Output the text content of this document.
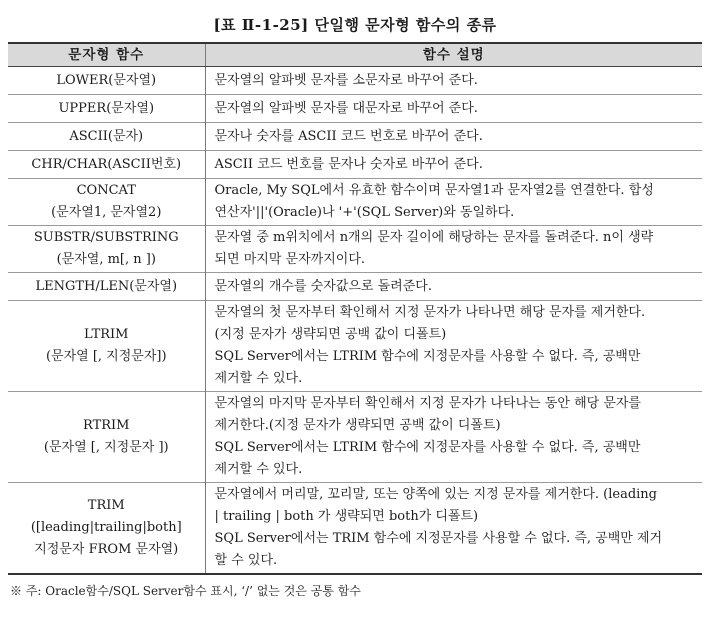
[표 Ⅱ-1-25] 단일행 문자형 함수의 종류
문자형 함수	함수 설명

LOWER(문자열)	문자열의 알파벳 문자를 소문자로 바꾸어 준다.

UPPER(문자열)	문자열의 알파벳 문자를 대문자로 바꾸어 준다.

ASCII(문자)	문자나 숫자를 ASCII 코드 번호로 바꾸어 준다.

CHR/CHAR(ASCII번호)	ASCII 코드 번호를 문자나 숫자로 바꾸어 준다.

CONCAT
(문자열1, 문자열2)	Oracle, My SQL에서 유효한 함수이며 문자열1과 문자열2를 연결한다. 합성
연산자'||'(Oracle)나 '+'(SQL Server)와 동일하다.

SUBSTR/SUBSTRING
(문자열, m[, n ])	문자열 중 m위치에서 n개의 문자 길이에 해당하는 문자를 돌려준다. n이 생략
되면 마지막 문자까지이다.

LENGTH/LEN(문자열)	문자열의 개수를 숫자값으로 돌려준다.

LTRIM
(문자열 [, 지정문자])	문자열의 첫 문자부터 확인해서 지정 문자가 나타나면 해당 문자를 제거한다.
(지정 문자가 생략되면 공백 값이 디폴트)
SQL Server에서는 LTRIM 함수에 지정문자를 사용할 수 없다. 즉, 공백만
제거할 수 있다.

RTRIM
(문자열 [, 지정문자 ])	문자열의 마지막 문자부터 확인해서 지정 문자가 나타나는 동안 해당 문자를
제거한다.(지정 문자가 생략되면 공백 값이 디폴트)
SQL Server에서는 LTRIM 함수에 지정문자를 사용할 수 없다. 즉, 공백만
제거할 수 있다.

TRIM
([leading|trailing|both]
지정문자 FROM 문자열)	문자열에서 머리말, 꼬리말, 또는 양쪽에 있는 지정 문자를 제거한다. (leading
| trailing | both 가 생략되면 both가 디폴트)
SQL Server에서는 TRIM 함수에 지정문자를 사용할 수 없다. 즉, 공백만 제거
할 수 있다.
※ 주: Oracle함수/SQL Server함수 표시, ‘/’ 없는 것은 공통 함수
